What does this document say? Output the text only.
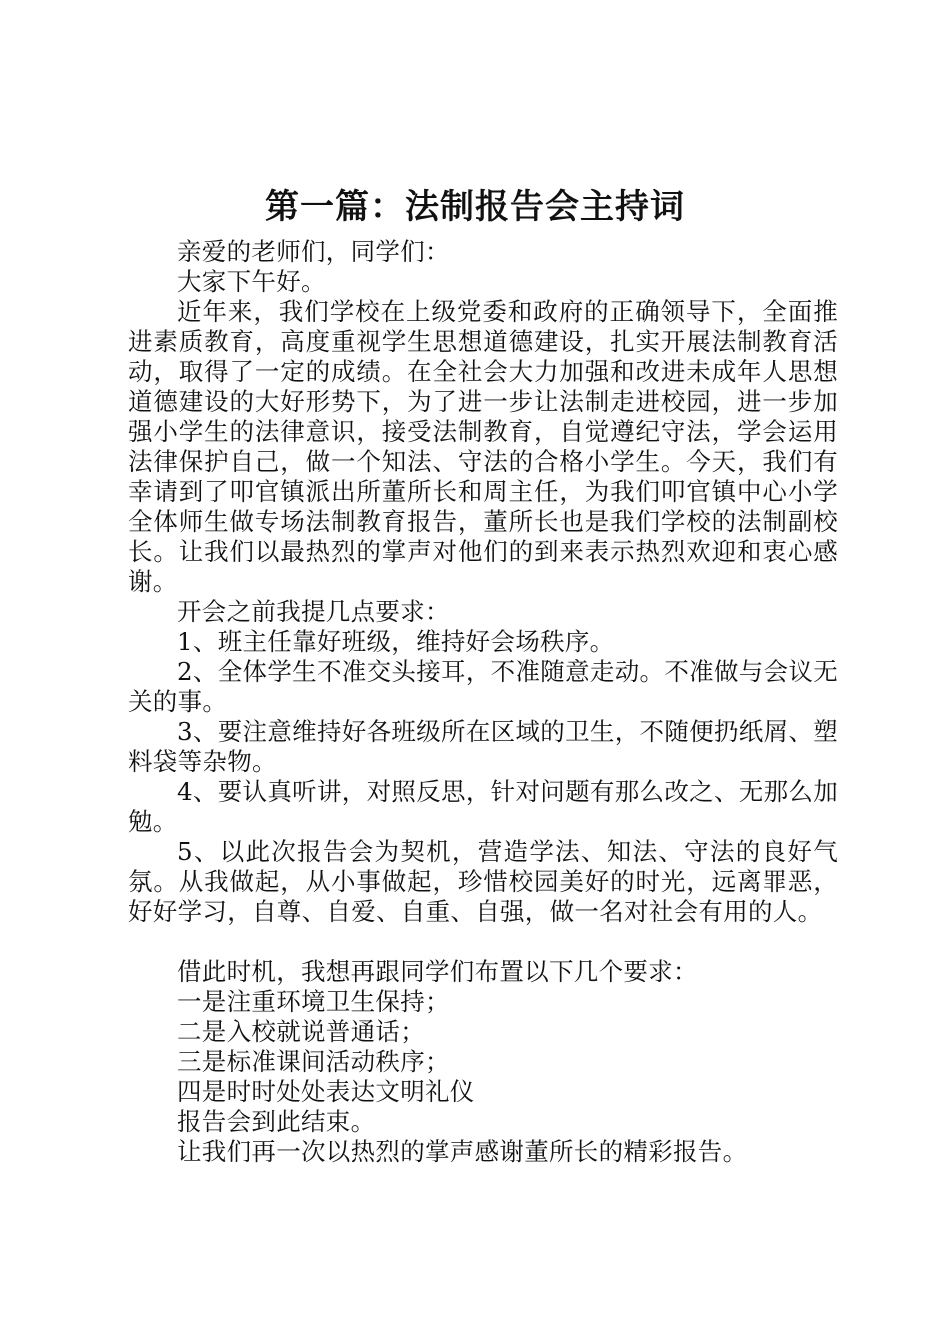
第一篇：法制报告会主持词

亲爱的老师们，同学们：

大家下午好。

近年来，我们学校在上级党委和政府的正确领导下，全面推进素质教育，高度重视学生思想道德建设，扎实开展法制教育活动，取得了一定的成绩。在全社会大力加强和改进未成年人思想道德建设的大好形势下，为了进一步让法制走进校园，进一步加强小学生的法律意识，接受法制教育，自觉遵纪守法，学会运用法律保护自己，做一个知法、守法的合格小学生。今天，我们有幸请到了叩官镇派出所董所长和周主任，为我们叩官镇中心小学全体师生做专场法制教育报告，董所长也是我们学校的法制副校长。让我们以最热烈的掌声对他们的到来表示热烈欢迎和衷心感谢。

开会之前我提几点要求：

1、班主任靠好班级，维持好会场秩序。

2、全体学生不准交头接耳，不准随意走动。不准做与会议无关的事。

3、要注意维持好各班级所在区域的卫生，不随便扔纸屑、塑料袋等杂物。

4、要认真听讲，对照反思，针对问题有那么改之、无那么加勉。

5、以此次报告会为契机，营造学法、知法、守法的良好气氛。从我做起，从小事做起，珍惜校园美好的时光，远离罪恶，好好学习，自尊、自爱、自重、自强，做一名对社会有用的人。

借此时机，我想再跟同学们布置以下几个要求：

一是注重环境卫生保持；

二是入校就说普通话；

三是标准课间活动秩序；

四是时时处处表达文明礼仪

报告会到此结束。

让我们再一次以热烈的掌声感谢董所长的精彩报告。
